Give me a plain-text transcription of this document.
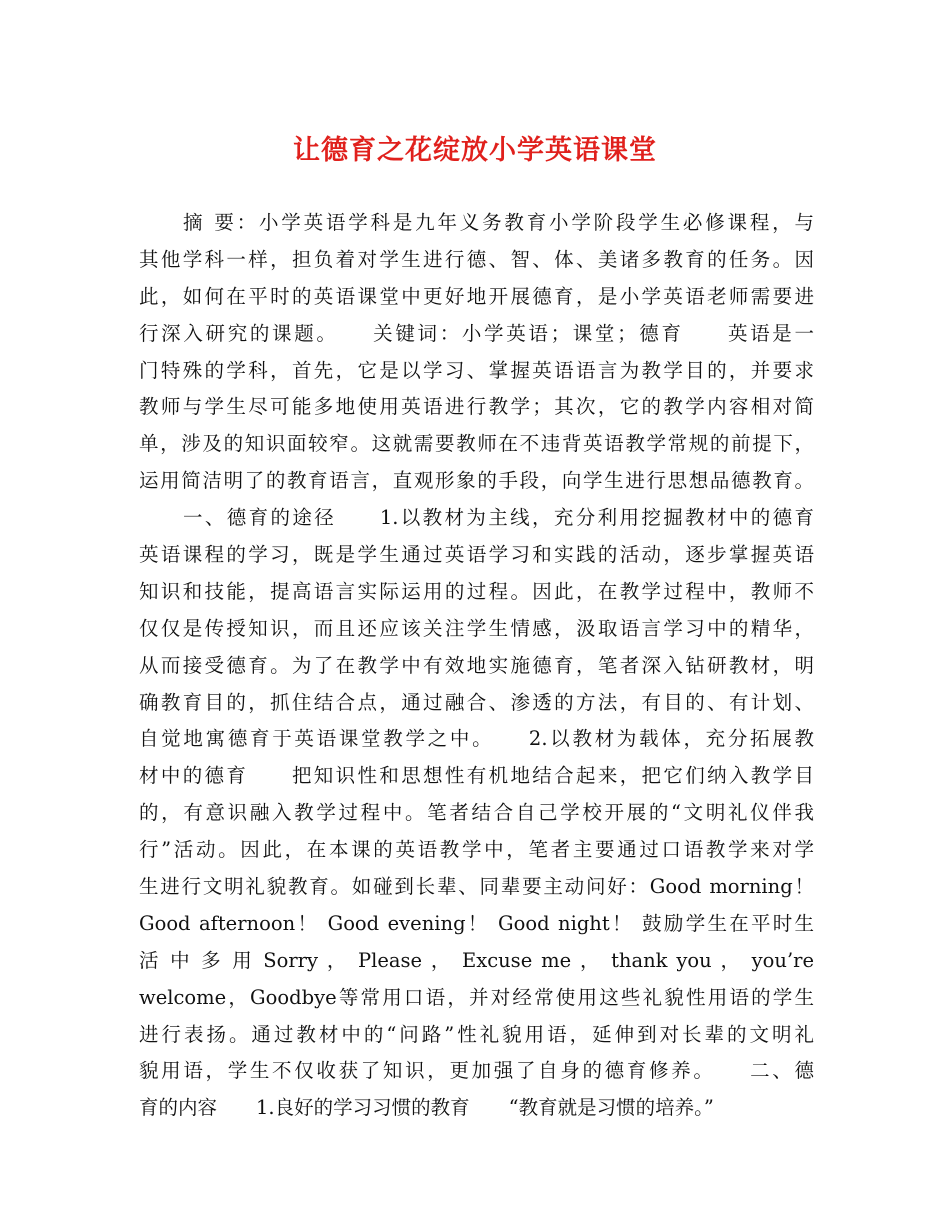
让德育之花绽放小学英语课堂
摘 要：小学英语学科是九年义务教育小学阶段学生必修课程，与
其他学科一样，担负着对学生进行德、智、体、美诸多教育的任务。因
此，如何在平时的英语课堂中更好地开展德育，是小学英语老师需要进
行深入研究的课题。　　关键词：小学英语；课堂；德育　　英语是一
门特殊的学科，首先，它是以学习、掌握英语语言为教学目的，并要求
教师与学生尽可能多地使用英语进行教学；其次，它的教学内容相对简
单，涉及的知识面较窄。这就需要教师在不违背英语教学常规的前提下，
运用简洁明了的教育语言，直观形象的手段，向学生进行思想品德教育。
一、德育的途径　　1.以教材为主线，充分利用挖掘教材中的德育
英语课程的学习，既是学生通过英语学习和实践的活动，逐步掌握英语
知识和技能，提高语言实际运用的过程。因此，在教学过程中，教师不
仅仅是传授知识，而且还应该关注学生情感，汲取语言学习中的精华，
从而接受德育。为了在教学中有效地实施德育，笔者深入钻研教材，明
确教育目的，抓住结合点，通过融合、渗透的方法，有目的、有计划、
自觉地寓德育于英语课堂教学之中。　　2.以教材为载体，充分拓展教
材中的德育　　把知识性和思想性有机地结合起来，把它们纳入教学目
的，有意识融入教学过程中。笔者结合自己学校开展的“文明礼仪伴我
行”活动。因此，在本课的英语教学中，笔者主要通过口语教学来对学
生进行文明礼貌教育。如碰到长辈、同辈要主动问好：Good morning！
Good afternoon！ Good evening！ Good night！ 鼓励学生在平时生
活 中 多 用 Sorry ， Please ， Excuse me ， thank you ， you’re
welcome，Goodbye等常用口语，并对经常使用这些礼貌性用语的学生
进行表扬。通过教材中的“问路”性礼貌用语，延伸到对长辈的文明礼
貌用语，学生不仅收获了知识，更加强了自身的德育修养。　　二、德
育的内容　　1.良好的学习习惯的教育　　“教育就是习惯的培养。”
